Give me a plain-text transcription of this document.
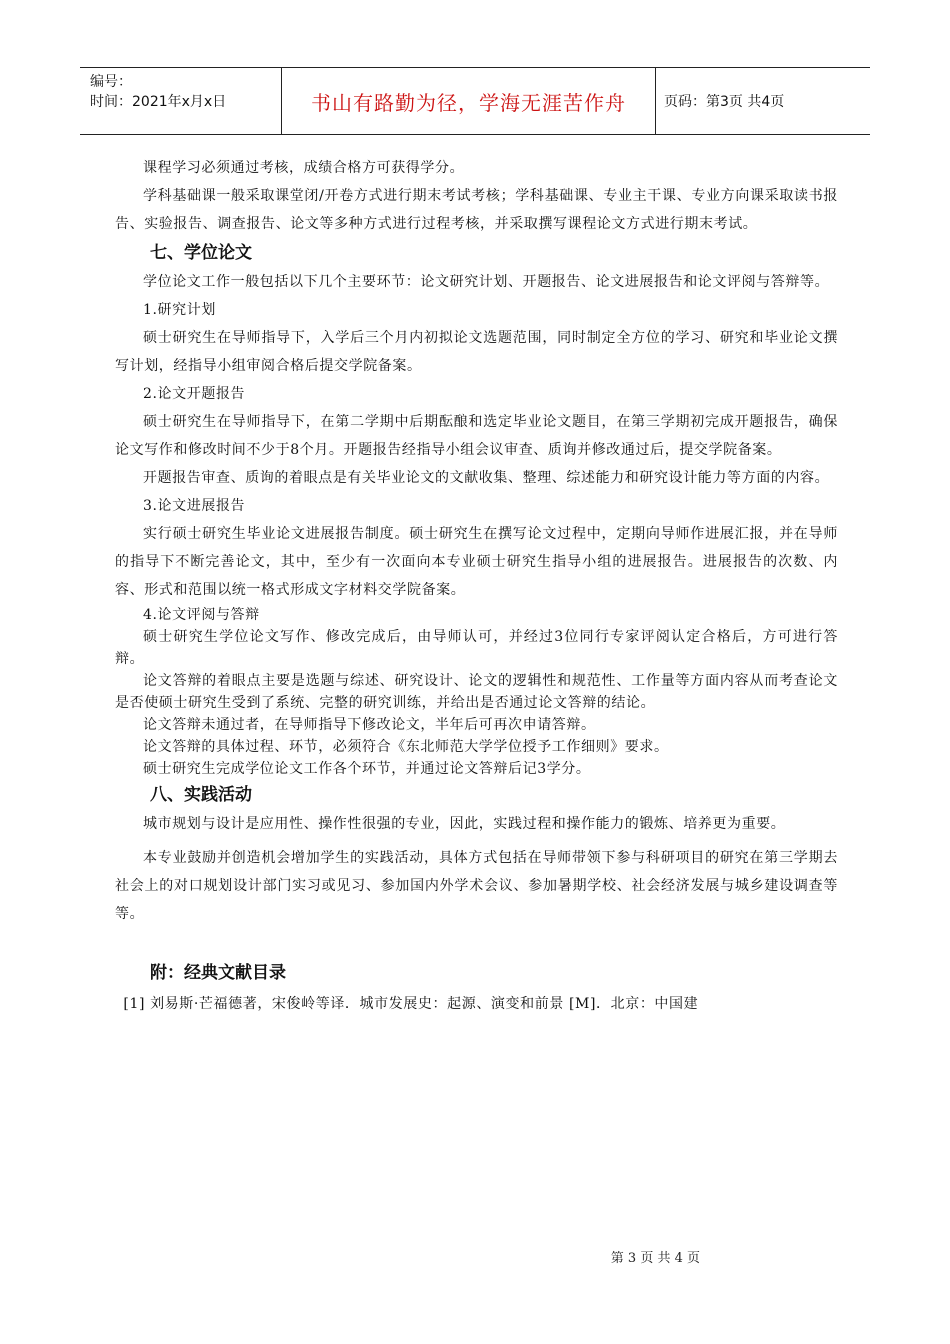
编号：
时间：2021年x月x日	书山有路勤为径，学海无涯苦作舟	页码：第3页 共4页

课程学习必须通过考核，成绩合格方可获得学分。

学科基础课一般采取课堂闭/开卷方式进行期末考试考核；学科基础课、专业主干课、专业方向课采取读书报告、实验报告、调查报告、论文等多种方式进行过程考核，并采取撰写课程论文方式进行期末考试。

七、学位论文

学位论文工作一般包括以下几个主要环节：论文研究计划、开题报告、论文进展报告和论文评阅与答辩等。

1.研究计划

硕士研究生在导师指导下，入学后三个月内初拟论文选题范围，同时制定全方位的学习、研究和毕业论文撰写计划，经指导小组审阅合格后提交学院备案。

2.论文开题报告

硕士研究生在导师指导下，在第二学期中后期酝酿和选定毕业论文题目，在第三学期初完成开题报告，确保论文写作和修改时间不少于8个月。开题报告经指导小组会议审查、质询并修改通过后，提交学院备案。

开题报告审查、质询的着眼点是有关毕业论文的文献收集、整理、综述能力和研究设计能力等方面的内容。

3.论文进展报告

实行硕士研究生毕业论文进展报告制度。硕士研究生在撰写论文过程中，定期向导师作进展汇报，并在导师的指导下不断完善论文，其中，至少有一次面向本专业硕士研究生指导小组的进展报告。进展报告的次数、内容、形式和范围以统一格式形成文字材料交学院备案。

4.论文评阅与答辩

硕士研究生学位论文写作、修改完成后，由导师认可，并经过3位同行专家评阅认定合格后，方可进行答辩。

论文答辩的着眼点主要是选题与综述、研究设计、论文的逻辑性和规范性、工作量等方面内容从而考查论文是否使硕士研究生受到了系统、完整的研究训练，并给出是否通过论文答辩的结论。

论文答辩未通过者，在导师指导下修改论文，半年后可再次申请答辩。

论文答辩的具体过程、环节，必须符合《东北师范大学学位授予工作细则》要求。

硕士研究生完成学位论文工作各个环节，并通过论文答辩后记3学分。

八、实践活动

城市规划与设计是应用性、操作性很强的专业，因此，实践过程和操作能力的锻炼、培养更为重要。

本专业鼓励并创造机会增加学生的实践活动，具体方式包括在导师带领下参与科研项目的研究在第三学期去社会上的对口规划设计部门实习或见习、参加国内外学术会议、参加暑期学校、社会经济发展与城乡建设调查等等。

附：经典文献目录

[1] 刘易斯·芒福德著，宋俊岭等译．城市发展史：起源、演变和前景 [M]．北京：中国建

第 3 页 共 4 页
